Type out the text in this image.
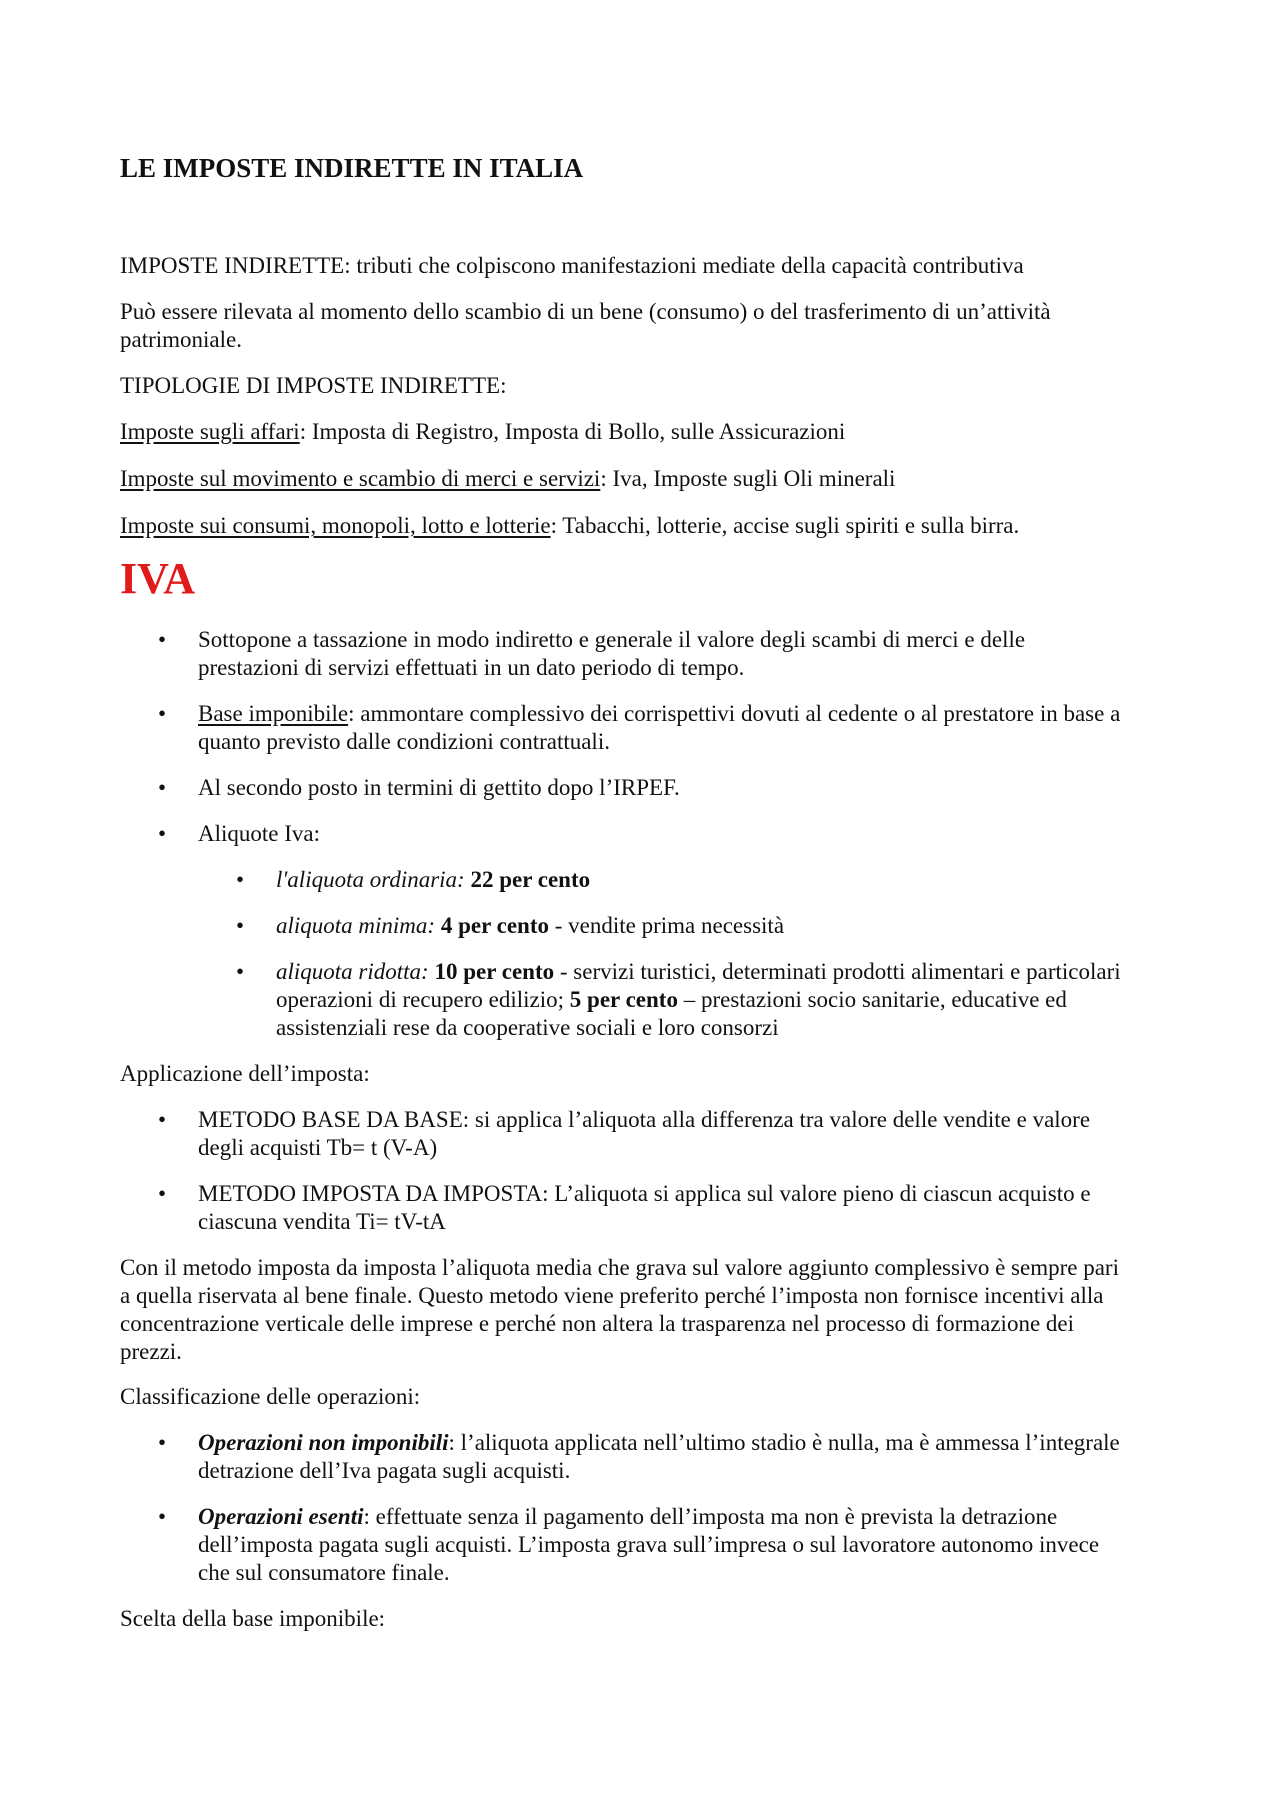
LE IMPOSTE INDIRETTE IN ITALIA

IMPOSTE INDIRETTE: tributi che colpiscono manifestazioni mediate della capacità contributiva

Può essere rilevata al momento dello scambio di un bene (consumo) o del trasferimento di un’attività

patrimoniale.

TIPOLOGIE DI IMPOSTE INDIRETTE:

Imposte sugli affari: Imposta di Registro, Imposta di Bollo, sulle Assicurazioni

Imposte sul movimento e scambio di merci e servizi: Iva, Imposte sugli Oli minerali

Imposte sui consumi, monopoli, lotto e lotterie: Tabacchi, lotterie, accise sugli spiriti e sulla birra.

IVA
• Sottopone a tassazione in modo indiretto e generale il valore degli scambi di merci e delle
prestazioni di servizi effettuati in un dato periodo di tempo.

• Base imponibile: ammontare complessivo dei corrispettivi dovuti al cedente o al prestatore in base a
quanto previsto dalle condizioni contrattuali.

• Al secondo posto in termini di gettito dopo l’IRPEF.

• Aliquote Iva:

• l'aliquota ordinaria: 22 per cento

• aliquota minima: 4 per cento - vendite prima necessità

• aliquota ridotta: 10 per cento - servizi turistici, determinati prodotti alimentari e particolari
operazioni di recupero edilizio; 5 per cento – prestazioni socio sanitarie, educative ed
assistenziali rese da cooperative sociali e loro consorzi

Applicazione dell’imposta:

• METODO BASE DA BASE: si applica l’aliquota alla differenza tra valore delle vendite e valore
degli acquisti Tb= t (V-A)

• METODO IMPOSTA DA IMPOSTA: L’aliquota si applica sul valore pieno di ciascun acquisto e
ciascuna vendita Ti= tV-tA

Con il metodo imposta da imposta l’aliquota media che grava sul valore aggiunto complessivo è sempre pari
a quella riservata al bene finale. Questo metodo viene preferito perché l’imposta non fornisce incentivi alla
concentrazione verticale delle imprese e perché non altera la trasparenza nel processo di formazione dei
prezzi.

Classificazione delle operazioni:

• Operazioni non imponibili: l’aliquota applicata nell’ultimo stadio è nulla, ma è ammessa l’integrale
detrazione dell’Iva pagata sugli acquisti.

• Operazioni esenti: effettuate senza il pagamento dell’imposta ma non è prevista la detrazione
dell’imposta pagata sugli acquisti. L’imposta grava sull’impresa o sul lavoratore autonomo invece
che sul consumatore finale.

Scelta della base imponibile:
